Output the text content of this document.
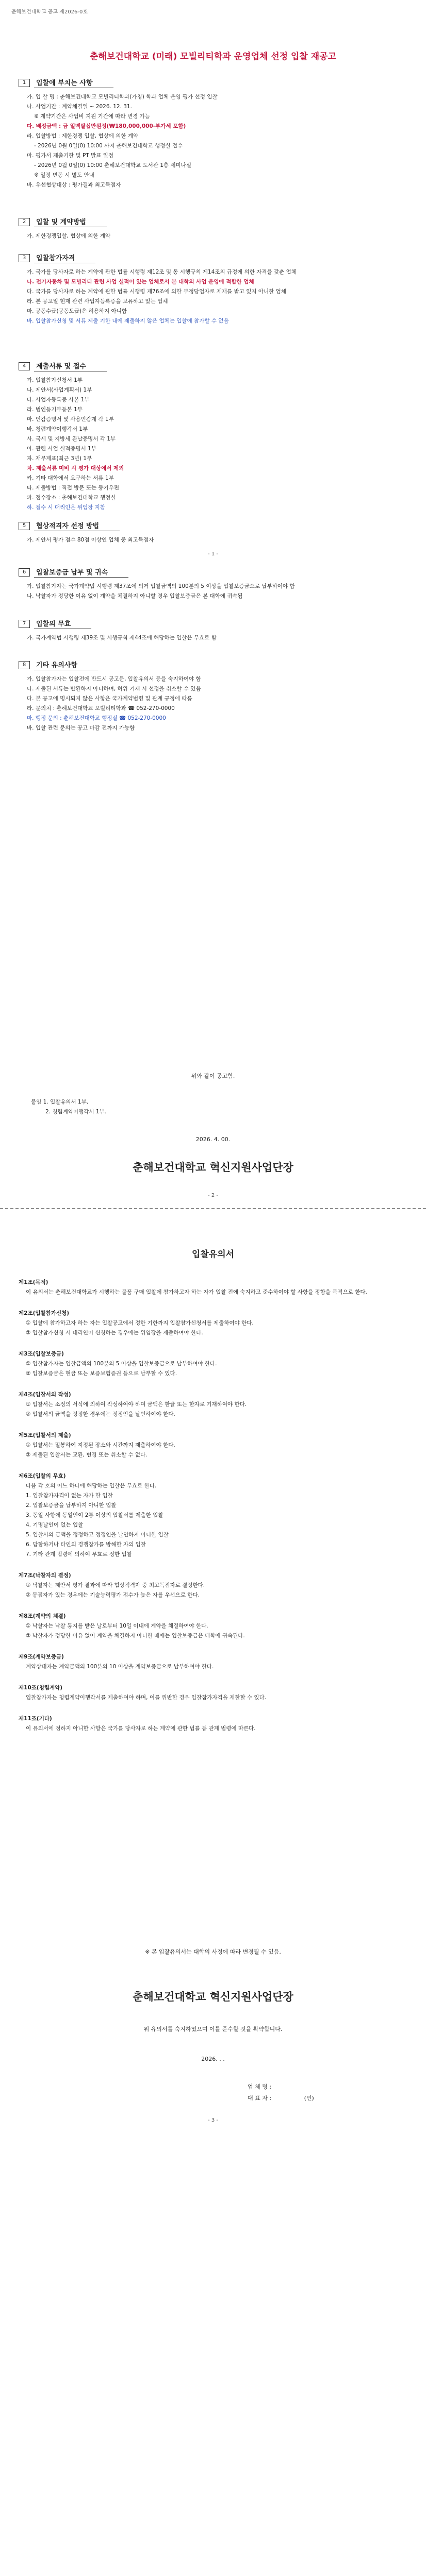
춘해보건대학교 공고 제2026-0호
춘해보건대학교 (미래) 모빌리티학과 운영업체 선정 입찰 재공고
1	입찰에 부치는 사항

가. 입 찰 명 : 춘해보건대학교 모빌리티학과(가칭) 학과 업체 운영 평가 선정 입찰

나. 사업기간 : 계약체결일 ~ 2026. 12. 31.

※ 계약기간은 사업비 지원 기간에 따라 변경 가능

다. 배정금액 : 금 일백팔십만원정(₩180,000,000-부가세 포함)

라. 입찰방법 : 제한경쟁 입찰, 협상에 의한 계약

- 2026년 0월 0일(0) 10:00 까지 춘해보건대학교 행정실 접수

마. 평가서 제출기한 및 PT 발표 일정

- 2026년 0월 0일(0) 10:00 춘해보건대학교 도서관 1층 세미나실

※ 일정 변동 시 별도 안내

바. 우선협상대상 : 평가결과 최고득점자

2	입찰 및 계약방법

가. 제한경쟁입찰, 협상에 의한 계약

3	입찰참가자격

가. 국가를 당사자로 하는 계약에 관한 법률 시행령 제12조 및 동 시행규칙 제14조의 규정에 의한 자격을 갖춘 업체

나. 전기자동차 및 모빌리티 관련 사업 실적이 있는 업체로서 본 대학의 사업 운영에 적합한 업체

다. 국가를 당사자로 하는 계약에 관한 법률 시행령 제76조에 의한 부정당업자로 제재를 받고 있지 아니한 업체

라. 본 공고일 현재 관련 사업자등록증을 보유하고 있는 업체

마. 공동수급(공동도급)은 허용하지 아니함

바. 입찰참가신청 및 서류 제출 기한 내에 제출하지 않은 업체는 입찰에 참가할 수 없음

4	제출서류 및 접수

가. 입찰참가신청서 1부

나. 제안서(사업계획서) 1부

다. 사업자등록증 사본 1부

라. 법인등기부등본 1부

마. 인감증명서 및 사용인감계 각 1부

바. 청렴계약이행각서 1부

사. 국세 및 지방세 완납증명서 각 1부

아. 관련 사업 실적증명서 1부

자. 재무제표(최근 3년) 1부

차. 제출서류 미비 시 평가 대상에서 제외

카. 기타 대학에서 요구하는 서류 1부

타. 제출방법 : 직접 방문 또는 등기우편

파. 접수장소 : 춘해보건대학교 행정실

하. 접수 시 대리인은 위임장 지참

5	협상적격자 선정 방법

가. 제안서 평가 점수 80점 이상인 업체 중 최고득점자

6	입찰보증금 납부 및 귀속

가. 입찰참가자는 국가계약법 시행령 제37조에 의거 입찰금액의 100분의 5 이상을 입찰보증금으로 납부하여야 함

나. 낙찰자가 정당한 이유 없이 계약을 체결하지 아니할 경우 입찰보증금은 본 대학에 귀속됨

7	입찰의 무효

가. 국가계약법 시행령 제39조 및 시행규칙 제44조에 해당하는 입찰은 무효로 함

8	기타 유의사항

가. 입찰참가자는 입찰전에 반드시 공고문, 입찰유의서 등을 숙지하여야 함

나. 제출된 서류는 반환하지 아니하며, 허위 기재 시 선정을 취소할 수 있음

다. 본 공고에 명시되지 않은 사항은 국가계약법령 및 관계 규정에 따름

라. 문의처 : 춘해보건대학교 모빌리티학과 ☎ 052-270-0000

마. 행정 문의 : 춘해보건대학교 행정실 ☎ 052-270-0000

바. 입찰 관련 문의는 공고 마감 전까지 가능함

위와 같이 공고함.
붙임 1. 입찰유의서 1부.
2. 청렴계약이행각서 1부.
2026. 4. 00.
춘해보건대학교 혁신지원사업단장
- 2 -
입찰유의서

제1조(목적)

이 유의서는 춘해보건대학교가 시행하는 물품 구매 입찰에 참가하고자 하는 자가 입찰 전에 숙지하고 준수하여야 할 사항을 정함을 목적으로 한다.

제2조(입찰참가신청)

① 입찰에 참가하고자 하는 자는 입찰공고에서 정한 기한까지 입찰참가신청서를 제출하여야 한다.

② 입찰참가신청 시 대리인이 신청하는 경우에는 위임장을 제출하여야 한다.

제3조(입찰보증금)

① 입찰참가자는 입찰금액의 100분의 5 이상을 입찰보증금으로 납부하여야 한다.

② 입찰보증금은 현금 또는 보증보험증권 등으로 납부할 수 있다.

제4조(입찰서의 작성)

① 입찰서는 소정의 서식에 의하여 작성하여야 하며 금액은 한글 또는 한자로 기재하여야 한다.

② 입찰서의 금액을 정정한 경우에는 정정인을 날인하여야 한다.

제5조(입찰서의 제출)

① 입찰서는 밀봉하여 지정된 장소와 시간까지 제출하여야 한다.

② 제출된 입찰서는 교환, 변경 또는 취소할 수 없다.

제6조(입찰의 무효)

다음 각 호의 어느 하나에 해당하는 입찰은 무효로 한다.

1. 입찰참가자격이 없는 자가 한 입찰

2. 입찰보증금을 납부하지 아니한 입찰

3. 동일 사항에 동일인이 2통 이상의 입찰서를 제출한 입찰

4. 기명날인이 없는 입찰

5. 입찰서의 금액을 정정하고 정정인을 날인하지 아니한 입찰

6. 담합하거나 타인의 경쟁참가를 방해한 자의 입찰

7. 기타 관계 법령에 의하여 무효로 정한 입찰

제7조(낙찰자의 결정)

① 낙찰자는 제안서 평가 결과에 따라 협상적격자 중 최고득점자로 결정한다.

② 동점자가 있는 경우에는 기술능력평가 점수가 높은 자를 우선으로 한다.

제8조(계약의 체결)

① 낙찰자는 낙찰 통지를 받은 날로부터 10일 이내에 계약을 체결하여야 한다.

② 낙찰자가 정당한 이유 없이 계약을 체결하지 아니한 때에는 입찰보증금은 대학에 귀속된다.

제9조(계약보증금)

계약상대자는 계약금액의 100분의 10 이상을 계약보증금으로 납부하여야 한다.

제10조(청렴계약)

입찰참가자는 청렴계약이행각서를 제출하여야 하며, 이를 위반한 경우 입찰참가자격을 제한할 수 있다.

제11조(기타)

이 유의서에 정하지 아니한 사항은 국가를 당사자로 하는 계약에 관한 법률 등 관계 법령에 따른다.

※ 본 입찰유의서는 대학의 사정에 따라 변경될 수 있음.
춘해보건대학교 혁신지원사업단장
위 유의서를 숙지하였으며 이를 준수할 것을 확약합니다.
2026. . .
업 체 명 :
대 표 자 :	(인)
- 3 -
- 1 -
